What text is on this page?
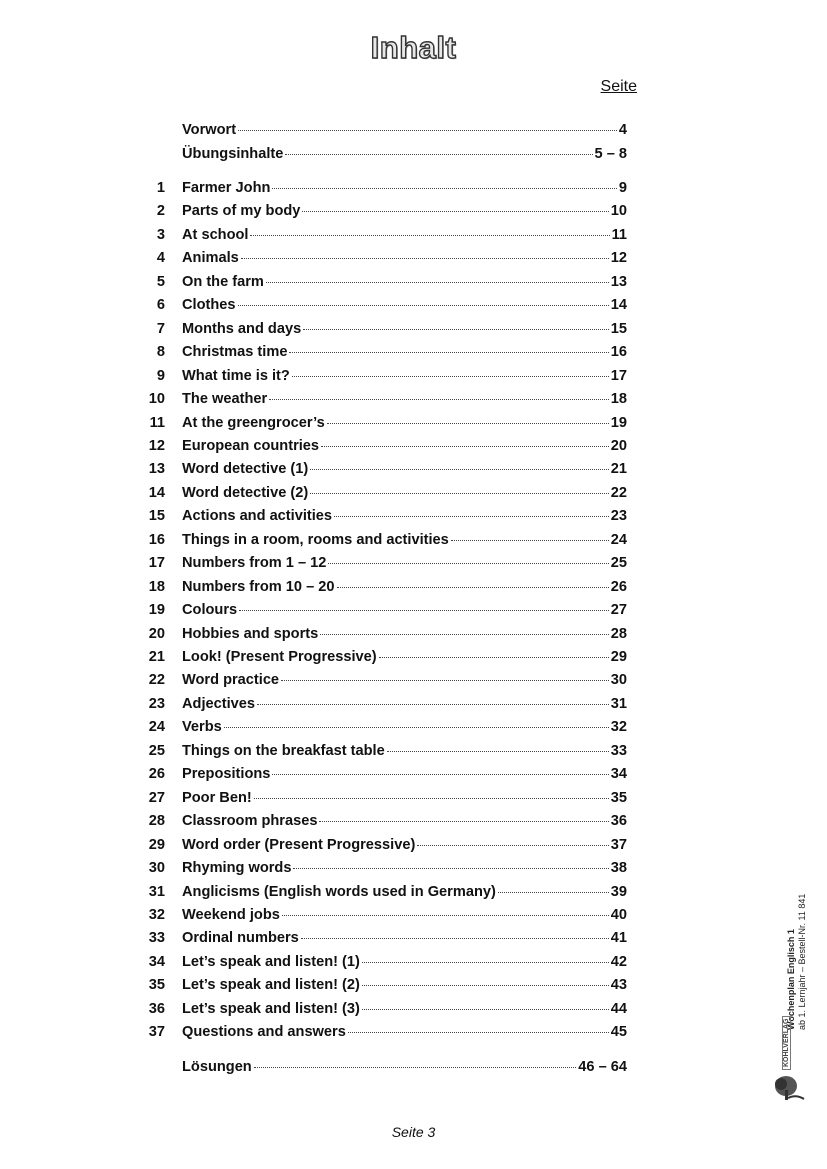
Inhalt
Seite
Vorwort	4
Übungsinhalte	5 – 8
1 Farmer John	9
2 Parts of my body	10
3 At school	11
4 Animals	12
5 On the farm	13
6 Clothes	14
7 Months and days	15
8 Christmas time	16
9 What time is it?	17
10 The weather	18
11 At the greengrocer’s	19
12 European countries	20
13 Word detective (1)	21
14 Word detective (2)	22
15 Actions and activities	23
16 Things in a room, rooms and activities	24
17 Numbers from 1 – 12	25
18 Numbers from 10 – 20	26
19 Colours	27
20 Hobbies and sports	28
21 Look! (Present Progressive)	29
22 Word practice	30
23 Adjectives	31
24 Verbs	32
25 Things on the breakfast table	33
26 Prepositions	34
27 Poor Ben!	35
28 Classroom phrases	36
29 Word order (Present Progressive)	37
30 Rhyming words	38
31 Anglicisms (English words used in Germany)	39
32 Weekend jobs	40
33 Ordinal numbers	41
34 Let’s speak and listen! (1)	42
35 Let’s speak and listen! (2)	43
36 Let’s speak and listen! (3)	44
37 Questions and answers	45
Lösungen	46 – 64
Seite 3
Wochenplan Englisch 1 ab 1. Lernjahr – Bestell-Nr. 11 841
KOHLVERLAG
